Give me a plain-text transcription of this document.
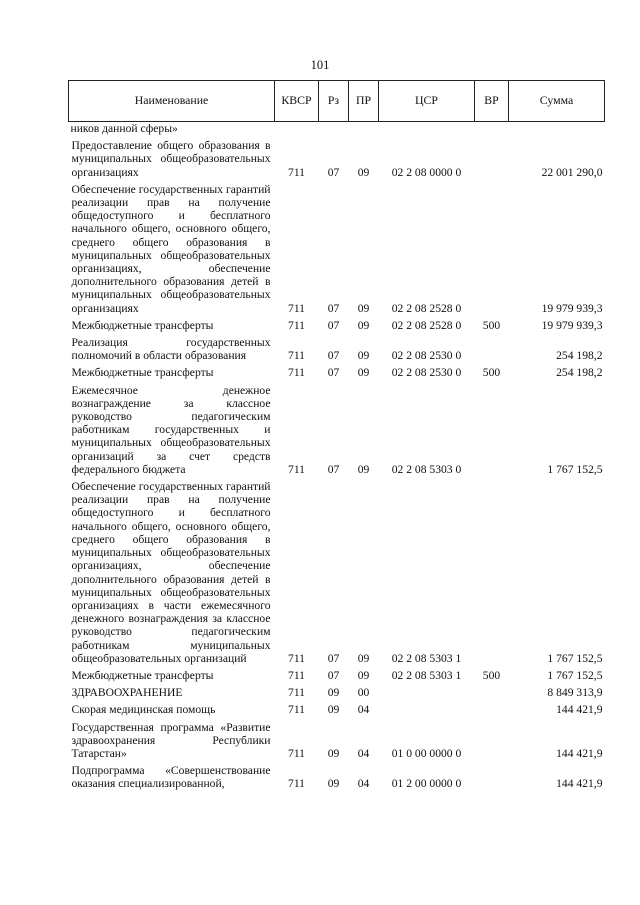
101
Наименование	КВСР	Рз	ПР	ЦСР	ВР	Сумма
ников данной сферы»						
Предоставление общего образования в муниципальных общеобразовательных организациях	711	07	09	02 2 08 0000 0		22 001 290,0
Обеспечение государственных гарантий реализации прав на получение общедоступного и бесплатного начального общего, основного общего, среднего общего образования в муниципальных общеобразовательных организациях, обеспечение дополнительного образования детей в муниципальных общеобразовательных организациях	711	07	09	02 2 08 2528 0		19 979 939,3
Межбюджетные трансферты	711	07	09	02 2 08 2528 0	500	19 979 939,3
Реализация государственных полномочий в области образования	711	07	09	02 2 08 2530 0		254 198,2
Межбюджетные трансферты	711	07	09	02 2 08 2530 0	500	254 198,2
Ежемесячное денежное вознаграждение за классное руководство педагогическим работникам государственных и муниципальных общеобразовательных организаций за счет средств федерального бюджета	711	07	09	02 2 08 5303 0		1 767 152,5
Обеспечение государственных гарантий реализации прав на получение общедоступного и бесплатного начального общего, основного общего, среднего общего образования в муниципальных общеобразовательных организациях, обеспечение дополнительного образования детей в муниципальных общеобразовательных организациях в части ежемесячного денежного вознаграждения за классное руководство педагогическим работникам муниципальных общеобразовательных организаций	711	07	09	02 2 08 5303 1		1 767 152,5
Межбюджетные трансферты	711	07	09	02 2 08 5303 1	500	1 767 152,5
ЗДРАВООХРАНЕНИЕ	711	09	00			8 849 313,9
Скорая медицинская помощь	711	09	04			144 421,9
Государственная программа «Развитие здравоохранения Республики Татарстан»	711	09	04	01 0 00 0000 0		144 421,9
Подпрограмма «Совершенствование оказания специализированной,	711	09	04	01 2 00 0000 0		144 421,9
